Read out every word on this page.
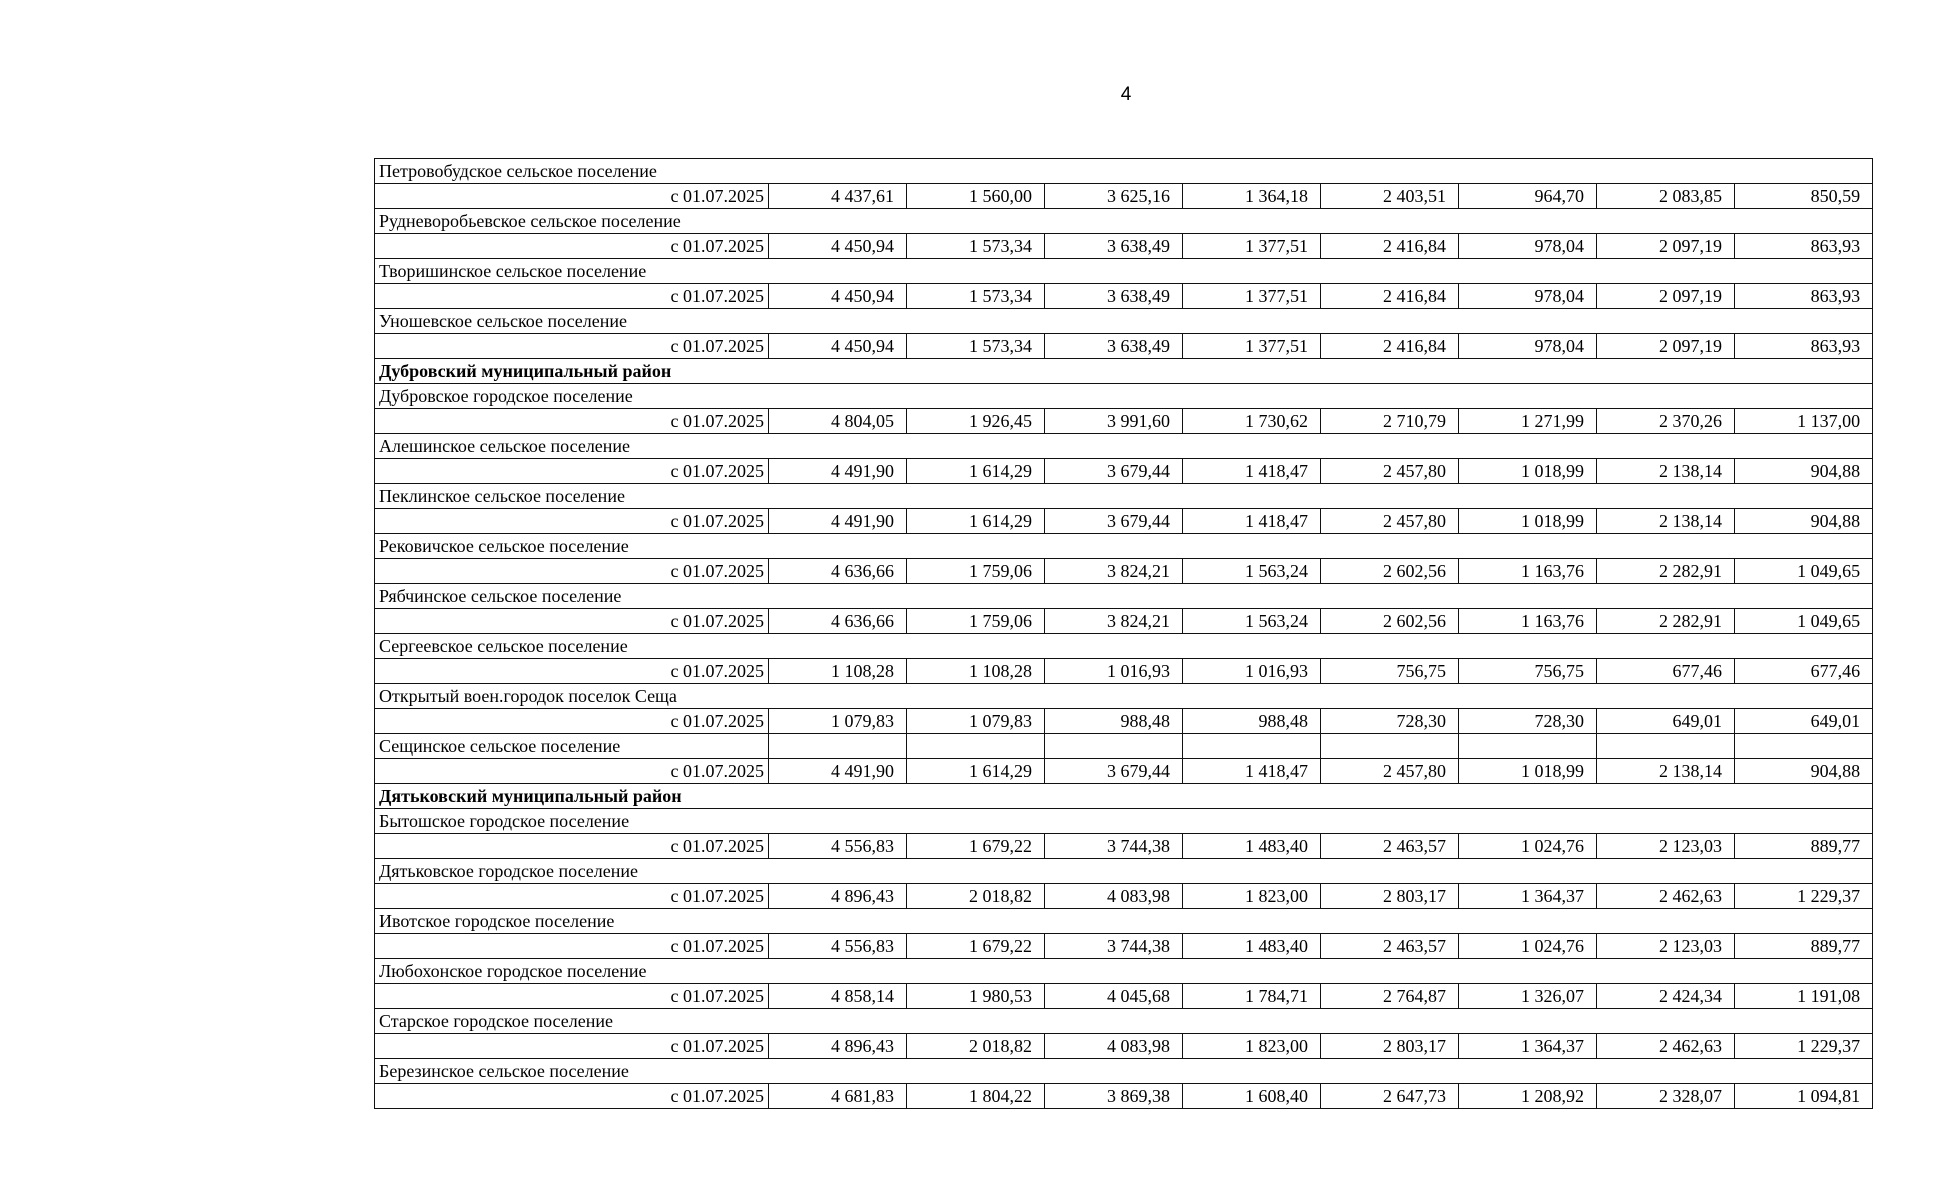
4
Петровобудское сельское поселение								
с 01.07.2025	4 437,61	1 560,00	3 625,16	1 364,18	2 403,51	964,70	2 083,85	850,59
Рудневоробьевское сельское поселение								
с 01.07.2025	4 450,94	1 573,34	3 638,49	1 377,51	2 416,84	978,04	2 097,19	863,93
Творишинское сельское поселение								
с 01.07.2025	4 450,94	1 573,34	3 638,49	1 377,51	2 416,84	978,04	2 097,19	863,93
Уношевское сельское поселение								
с 01.07.2025	4 450,94	1 573,34	3 638,49	1 377,51	2 416,84	978,04	2 097,19	863,93
Дубровский муниципальный район								
Дубровское городское поселение								
с 01.07.2025	4 804,05	1 926,45	3 991,60	1 730,62	2 710,79	1 271,99	2 370,26	1 137,00
Алешинское сельское поселение								
с 01.07.2025	4 491,90	1 614,29	3 679,44	1 418,47	2 457,80	1 018,99	2 138,14	904,88
Пеклинское сельское поселение								
с 01.07.2025	4 491,90	1 614,29	3 679,44	1 418,47	2 457,80	1 018,99	2 138,14	904,88
Рековичское сельское поселение								
с 01.07.2025	4 636,66	1 759,06	3 824,21	1 563,24	2 602,56	1 163,76	2 282,91	1 049,65
Рябчинское сельское поселение								
с 01.07.2025	4 636,66	1 759,06	3 824,21	1 563,24	2 602,56	1 163,76	2 282,91	1 049,65
Сергеевское сельское поселение								
с 01.07.2025	1 108,28	1 108,28	1 016,93	1 016,93	756,75	756,75	677,46	677,46
Открытый воен.городок поселок Сеща								
с 01.07.2025	1 079,83	1 079,83	988,48	988,48	728,30	728,30	649,01	649,01
Сещинское сельское поселение								
с 01.07.2025	4 491,90	1 614,29	3 679,44	1 418,47	2 457,80	1 018,99	2 138,14	904,88
Дятьковский муниципальный район								
Бытошское городское поселение								
с 01.07.2025	4 556,83	1 679,22	3 744,38	1 483,40	2 463,57	1 024,76	2 123,03	889,77
Дятьковское городское поселение								
с 01.07.2025	4 896,43	2 018,82	4 083,98	1 823,00	2 803,17	1 364,37	2 462,63	1 229,37
Ивотское городское поселение								
с 01.07.2025	4 556,83	1 679,22	3 744,38	1 483,40	2 463,57	1 024,76	2 123,03	889,77
Любохонское городское поселение								
с 01.07.2025	4 858,14	1 980,53	4 045,68	1 784,71	2 764,87	1 326,07	2 424,34	1 191,08
Старское городское поселение								
с 01.07.2025	4 896,43	2 018,82	4 083,98	1 823,00	2 803,17	1 364,37	2 462,63	1 229,37
Березинское сельское поселение								
с 01.07.2025	4 681,83	1 804,22	3 869,38	1 608,40	2 647,73	1 208,92	2 328,07	1 094,81
